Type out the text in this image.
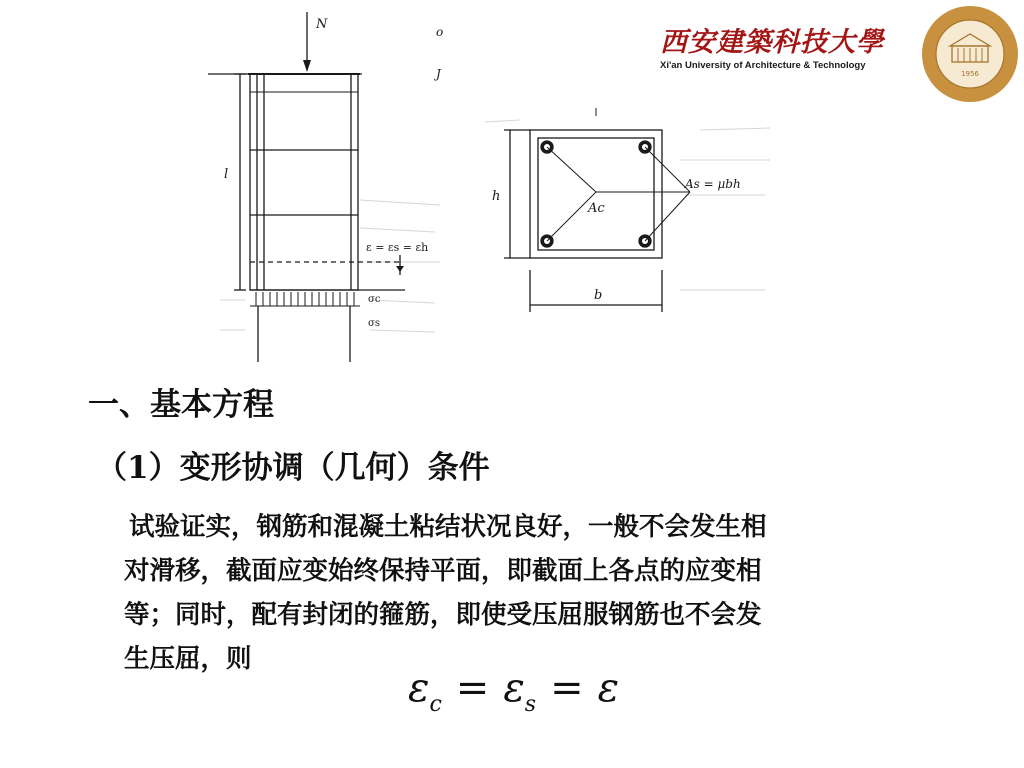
西安建築科技大學
Xi'an University of Architecture & Technology
1956
N
l
ε = εs = εh
σc
σs
o
J
Ac
As = μbh
h
b
一、基本方程
（1）变形协调（几何）条件

试验证实，钢筋和混凝土粘结状况良好，一般不会发生相
对滑移，截面应变始终保持平面，即截面上各点的应变相
等；同时，配有封闭的箍筋，即使受压屈服钢筋也不会发
生压屈，则

$\varepsilon_c = \varepsilon_s = \varepsilon$
